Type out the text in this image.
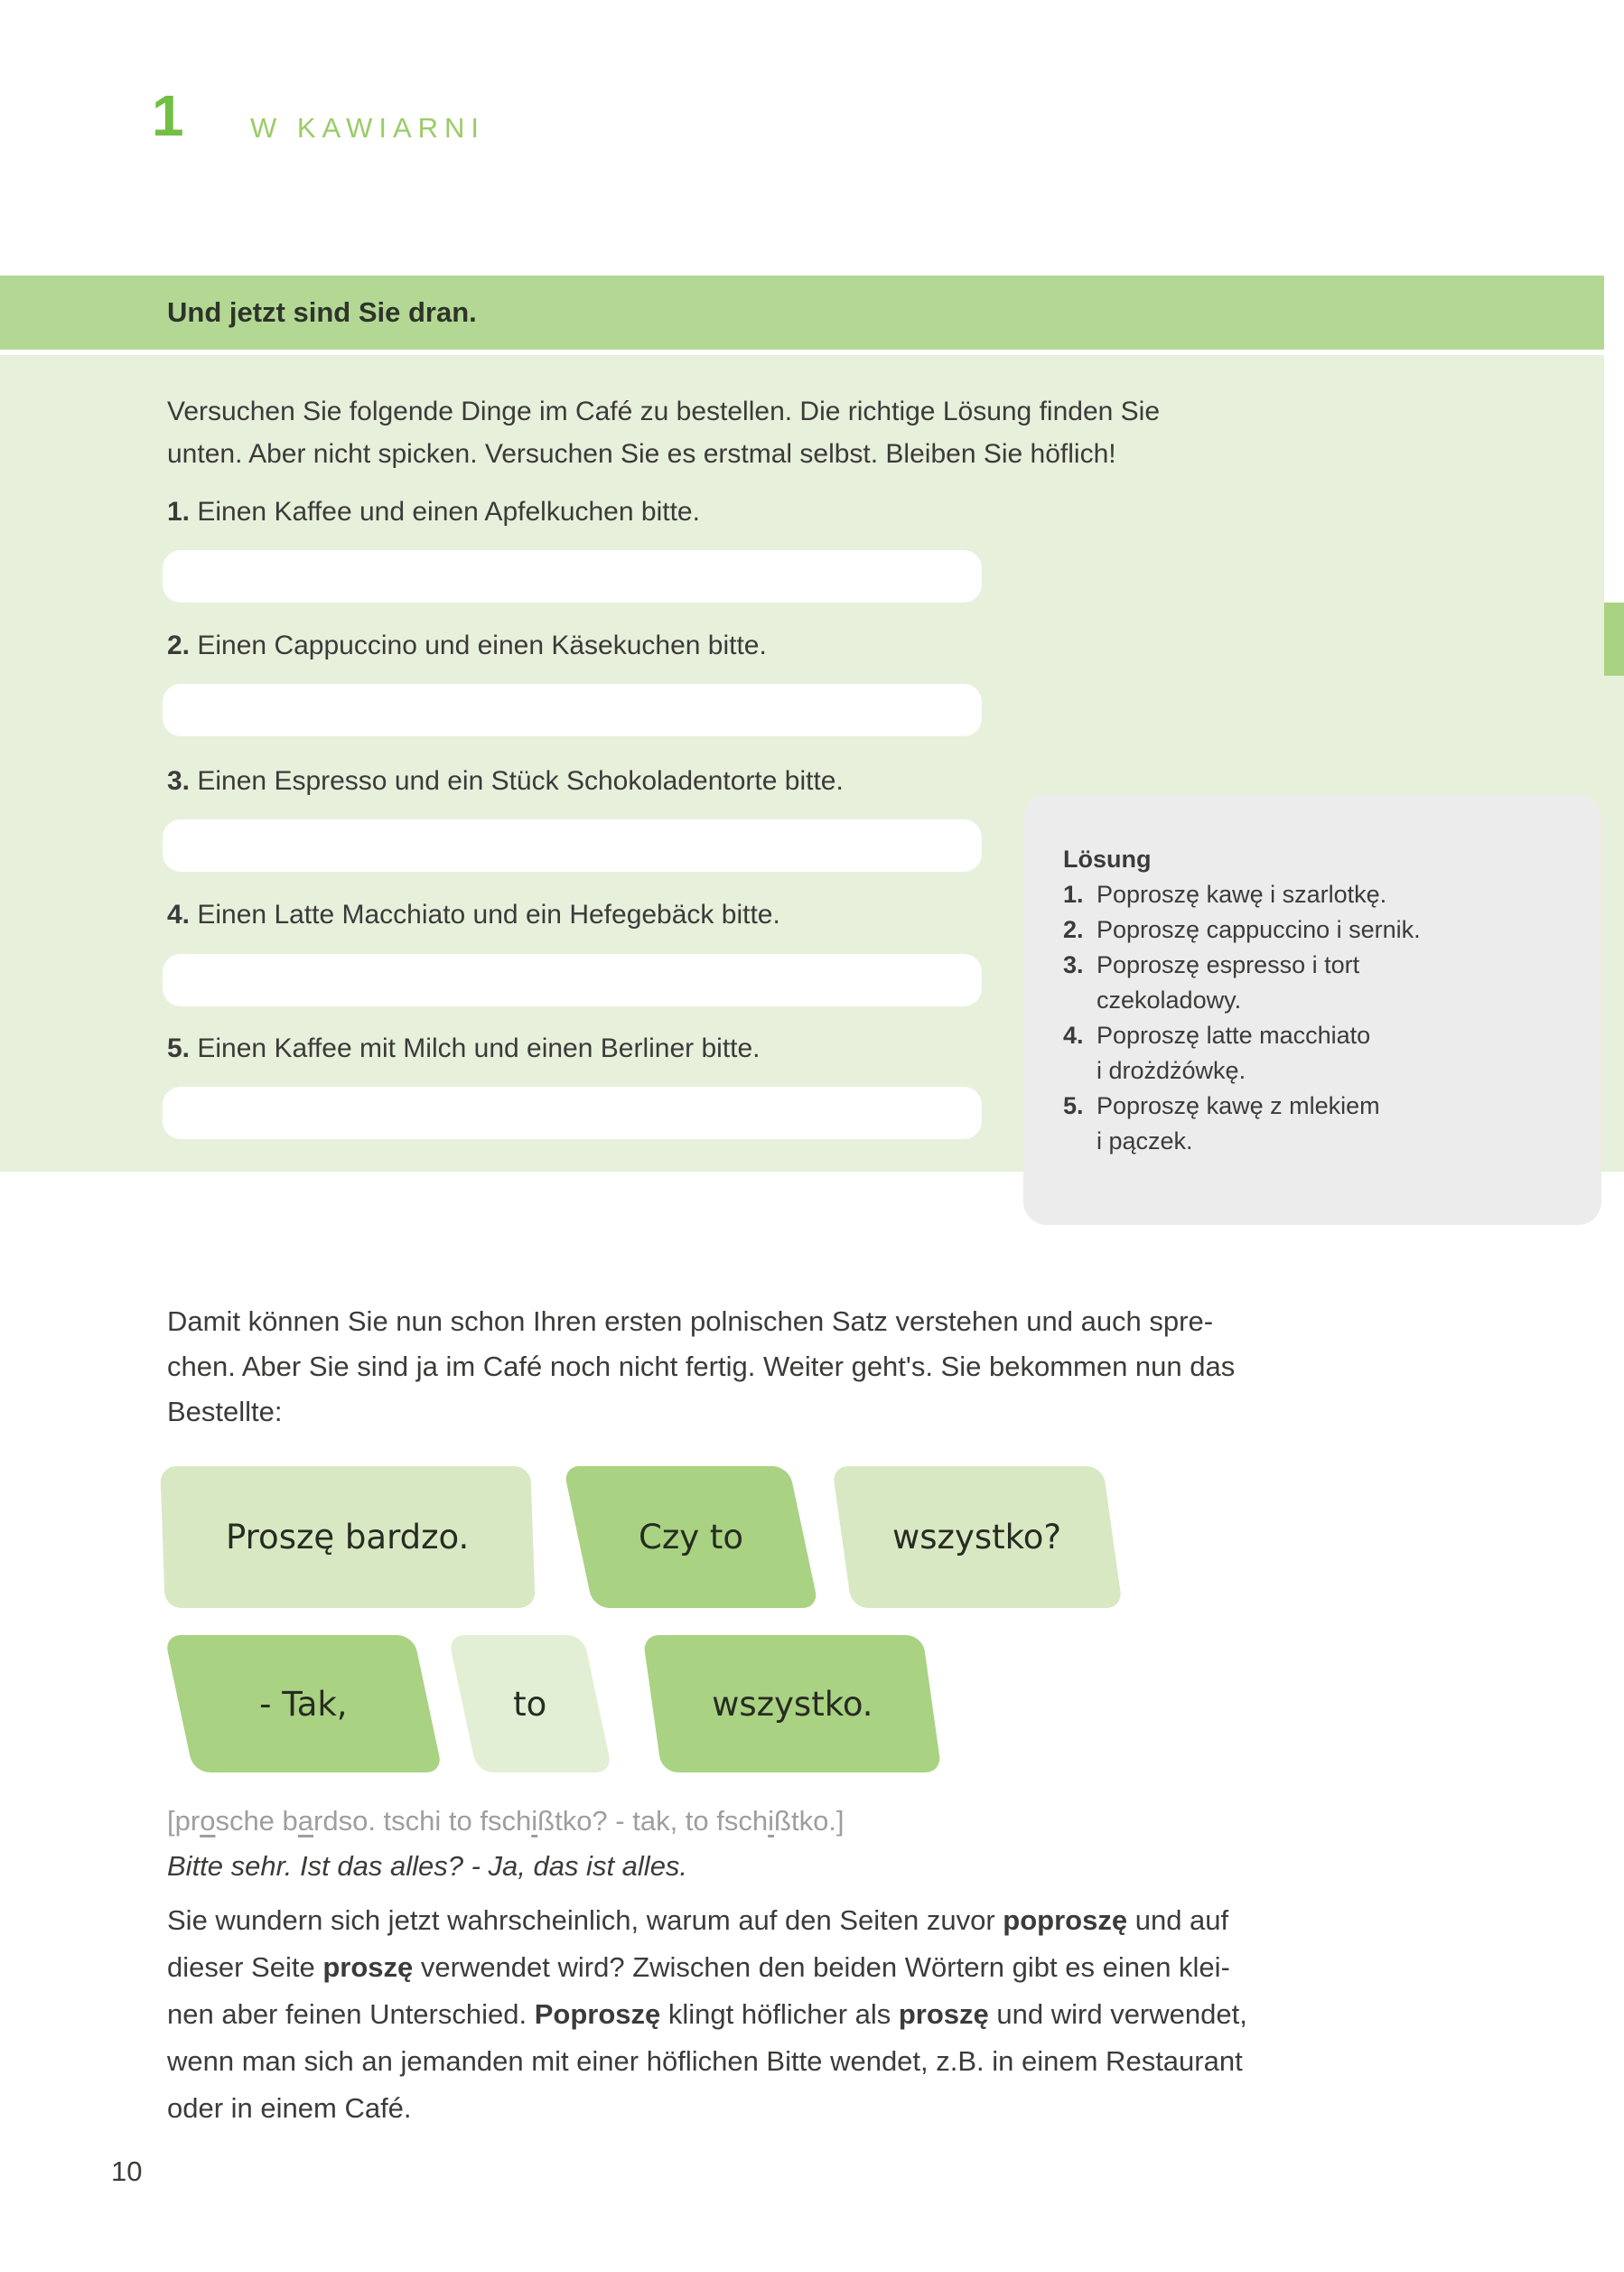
1 W KAWIARNI
Und jetzt sind Sie dran.
Versuchen Sie folgende Dinge im Café zu bestellen. Die richtige Lösung finden Sie
unten. Aber nicht spicken. Versuchen Sie es erstmal selbst. Bleiben Sie höflich!
1. Einen Kaffee und einen Apfelkuchen bitte.
2. Einen Cappuccino und einen Käsekuchen bitte.
3. Einen Espresso und ein Stück Schokoladentorte bitte.
4. Einen Latte Macchiato und ein Hefegebäck bitte.
5. Einen Kaffee mit Milch und einen Berliner bitte.
Lösung
1. Poproszę kawę i szarlotkę.
2. Poproszę cappuccino i sernik.
3. Poproszę espresso i tort
czekoladowy.
4. Poproszę latte macchiato
i drożdżówkę.
5. Poproszę kawę z mlekiem
i pączek.
Damit können Sie nun schon Ihren ersten polnischen Satz verstehen und auch spre-
chen. Aber Sie sind ja im Café noch nicht fertig. Weiter geht's. Sie bekommen nun das
Bestellte:
Proszę bardzo.	Czy to	wszystko?
- Tak,	to	wszystko.
[prosche bardso. tschi to fschißtko? - tak, to fschißtko.]
Bitte sehr. Ist das alles? - Ja, das ist alles.
Sie wundern sich jetzt wahrscheinlich, warum auf den Seiten zuvor poproszę und auf
dieser Seite proszę verwendet wird? Zwischen den beiden Wörtern gibt es einen klei-
nen aber feinen Unterschied. Poproszę klingt höflicher als proszę und wird verwendet,
wenn man sich an jemanden mit einer höflichen Bitte wendet, z.B. in einem Restaurant
oder in einem Café.
10
